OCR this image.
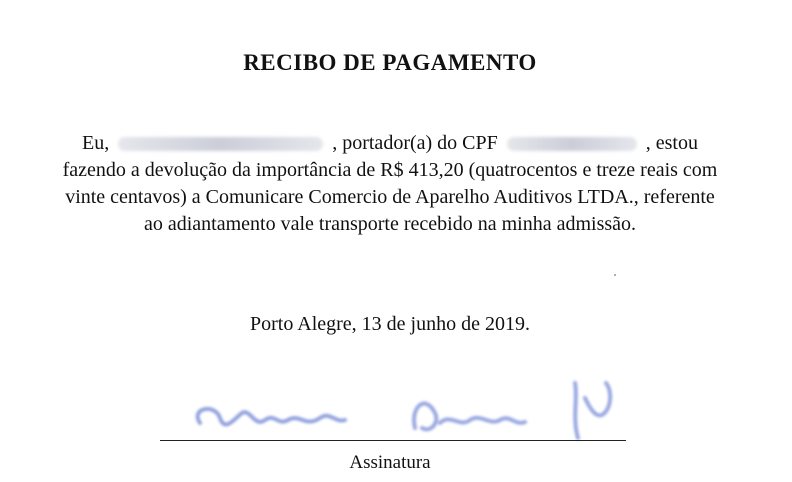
RECIBO DE PAGAMENTO
Eu,	, portador(a) do CPF	, estou fazendo a devolução da importância de R$ 413,20 (quatrocentos e treze reais com vinte centavos) a Comunicare Comercio de Aparelho Auditivos LTDA., referente ao adiantamento vale transporte recebido na minha admissão.
Porto Alegre, 13 de junho de 2019.
Assinatura
